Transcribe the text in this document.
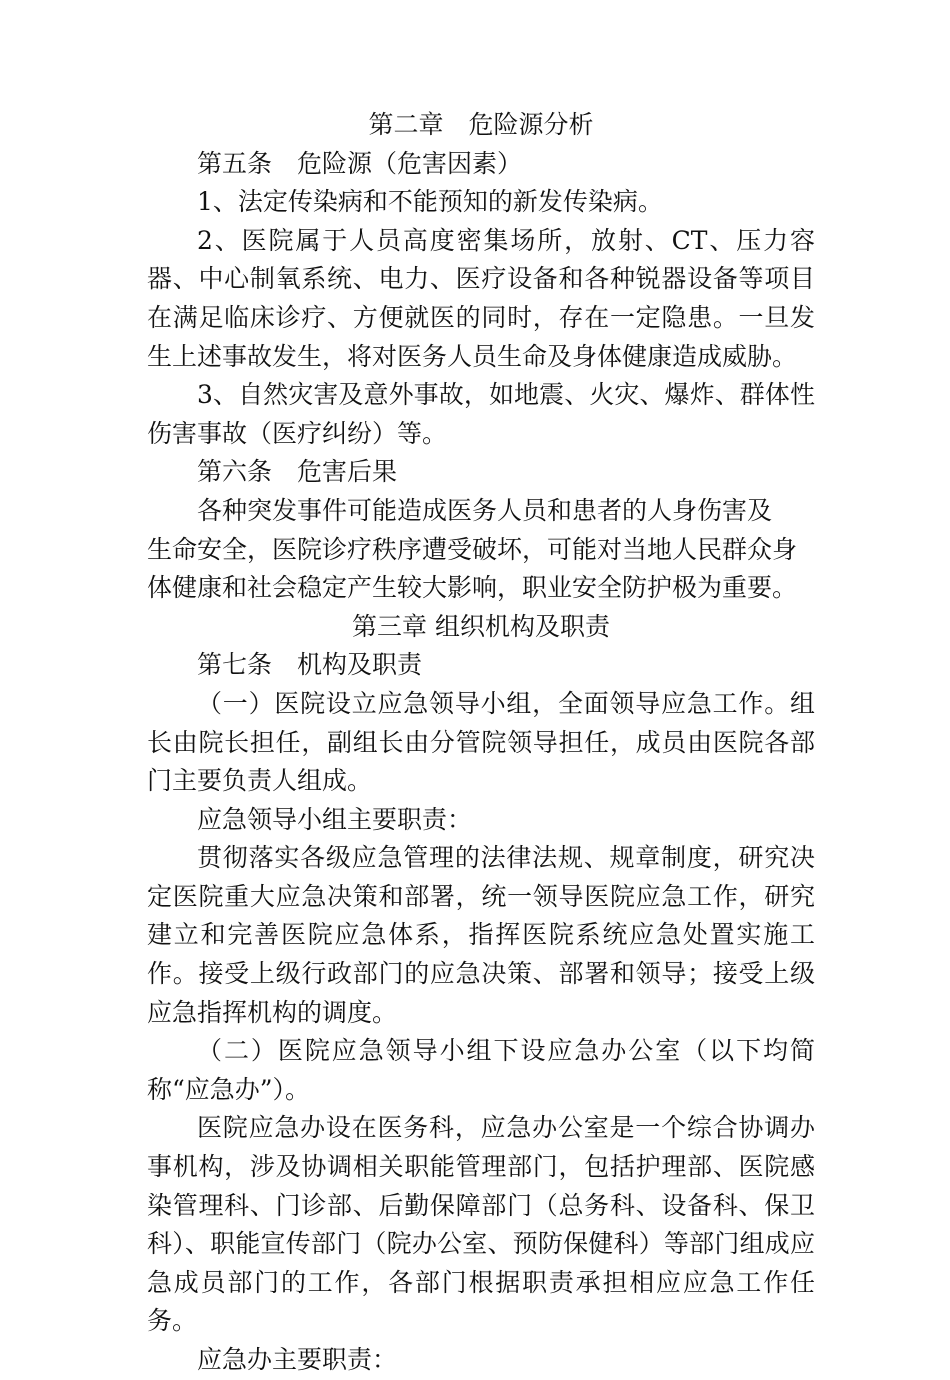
第二章　危险源分析

第五条　危险源（危害因素）

1、法定传染病和不能预知的新发传染病。

2、医院属于人员高度密集场所，放射、CT、压力容器、中心制氧系统、电力、医疗设备和各种锐器设备等项目在满足临床诊疗、方便就医的同时，存在一定隐患。一旦发生上述事故发生，将对医务人员生命及身体健康造成威胁。

3、自然灾害及意外事故，如地震、火灾、爆炸、群体性伤害事故（医疗纠纷）等。

第六条　危害后果

各种突发事件可能造成医务人员和患者的人身伤害及
生命安全，医院诊疗秩序遭受破坏，可能对当地人民群众身体健康和社会稳定产生较大影响，职业安全防护极为重要。

第三章 组织机构及职责

第七条　机构及职责

（一）医院设立应急领导小组，全面领导应急工作。组长由院长担任，副组长由分管院领导担任，成员由医院各部门主要负责人组成。

应急领导小组主要职责：

贯彻落实各级应急管理的法律法规、规章制度，研究决定医院重大应急决策和部署，统一领导医院应急工作，研究建立和完善医院应急体系，指挥医院系统应急处置实施工作。接受上级行政部门的应急决策、部署和领导；接受上级应急指挥机构的调度。

（二）医院应急领导小组下设应急办公室（以下均简称“应急办”）。

医院应急办设在医务科，应急办公室是一个综合协调办事机构，涉及协调相关职能管理部门，包括护理部、医院感染管理科、门诊部、后勤保障部门（总务科、设备科、保卫科）、职能宣传部门（院办公室、预防保健科）等部门组成应急成员部门的工作，各部门根据职责承担相应应急工作任务。

应急办主要职责：
